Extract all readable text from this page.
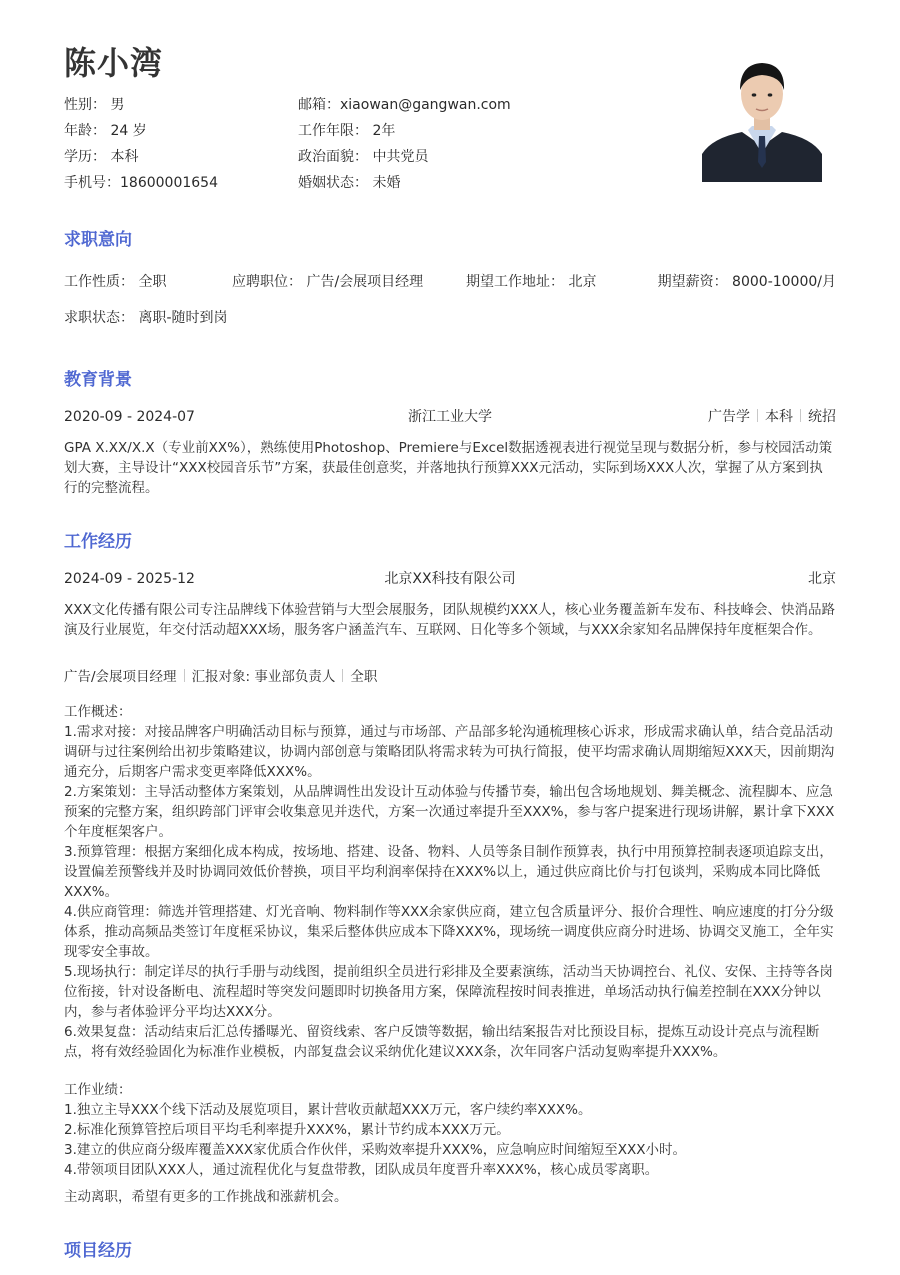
陈小湾
性别： 男	邮箱：xiaowan@gangwan.com
年龄： 24 岁	工作年限： 2年
学历： 本科	政治面貌： 中共党员
手机号：18600001654	婚姻状态： 未婚
求职意向
工作性质： 全职	应聘职位： 广告/会展项目经理	期望工作地址： 北京	期望薪资： 8000-10000/月
求职状态： 离职-随时到岗
教育背景
2020-09 - 2024-07	浙江工业大学	广告学 本科 统招
GPA X.XX/X.X（专业前XX%），熟练使用Photoshop、Premiere与Excel数据透视表进行视觉呈现与数据分析，参与校园活动策划大赛，主导设计“XXX校园音乐节”方案，获最佳创意奖，并落地执行预算XXX元活动，实际到场XXX人次，掌握了从方案到执行的完整流程。
工作经历
2024-09 - 2025-12	北京XX科技有限公司	北京
XXX文化传播有限公司专注品牌线下体验营销与大型会展服务，团队规模约XXX人，核心业务覆盖新车发布、科技峰会、快消品路演及行业展览，年交付活动超XXX场，服务客户涵盖汽车、互联网、日化等多个领域，与XXX余家知名品牌保持年度框架合作。
广告/会展项目经理 汇报对象: 事业部负责人 全职

工作概述：

1.需求对接：对接品牌客户明确活动目标与预算，通过与市场部、产品部多轮沟通梳理核心诉求，形成需求确认单，结合竞品活动调研与过往案例给出初步策略建议，协调内部创意与策略团队将需求转为可执行简报，使平均需求确认周期缩短XXX天，因前期沟通充分，后期客户需求变更率降低XXX%。

2.方案策划：主导活动整体方案策划，从品牌调性出发设计互动体验与传播节奏，输出包含场地规划、舞美概念、流程脚本、应急预案的完整方案，组织跨部门评审会收集意见并迭代，方案一次通过率提升至XXX%，参与客户提案进行现场讲解，累计拿下XXX个年度框架客户。

3.预算管理：根据方案细化成本构成，按场地、搭建、设备、物料、人员等条目制作预算表，执行中用预算控制表逐项追踪支出，设置偏差预警线并及时协调同效低价替换，项目平均利润率保持在XXX%以上，通过供应商比价与打包谈判，采购成本同比降低XXX%。

4.供应商管理：筛选并管理搭建、灯光音响、物料制作等XXX余家供应商，建立包含质量评分、报价合理性、响应速度的打分分级体系，推动高频品类签订年度框采协议，集采后整体供应成本下降XXX%，现场统一调度供应商分时进场、协调交叉施工，全年实现零安全事故。

5.现场执行：制定详尽的执行手册与动线图，提前组织全员进行彩排及全要素演练，活动当天协调控台、礼仪、安保、主持等各岗位衔接，针对设备断电、流程超时等突发问题即时切换备用方案，保障流程按时间表推进，单场活动执行偏差控制在XXX分钟以内，参与者体验评分平均达XXX分。

6.效果复盘：活动结束后汇总传播曝光、留资线索、客户反馈等数据，输出结案报告对比预设目标，提炼互动设计亮点与流程断点，将有效经验固化为标准作业模板，内部复盘会议采纳优化建议XXX条，次年同客户活动复购率提升XXX%。

工作业绩：

1.独立主导XXX个线下活动及展览项目，累计营收贡献超XXX万元，客户续约率XXX%。

2.标准化预算管控后项目平均毛利率提升XXX%，累计节约成本XXX万元。

3.建立的供应商分级库覆盖XXX家优质合作伙伴，采购效率提升XXX%，应急响应时间缩短至XXX小时。

4.带领项目团队XXX人，通过流程优化与复盘带教，团队成员年度晋升率XXX%，核心成员零离职。

主动离职，希望有更多的工作挑战和涨薪机会。
项目经历
